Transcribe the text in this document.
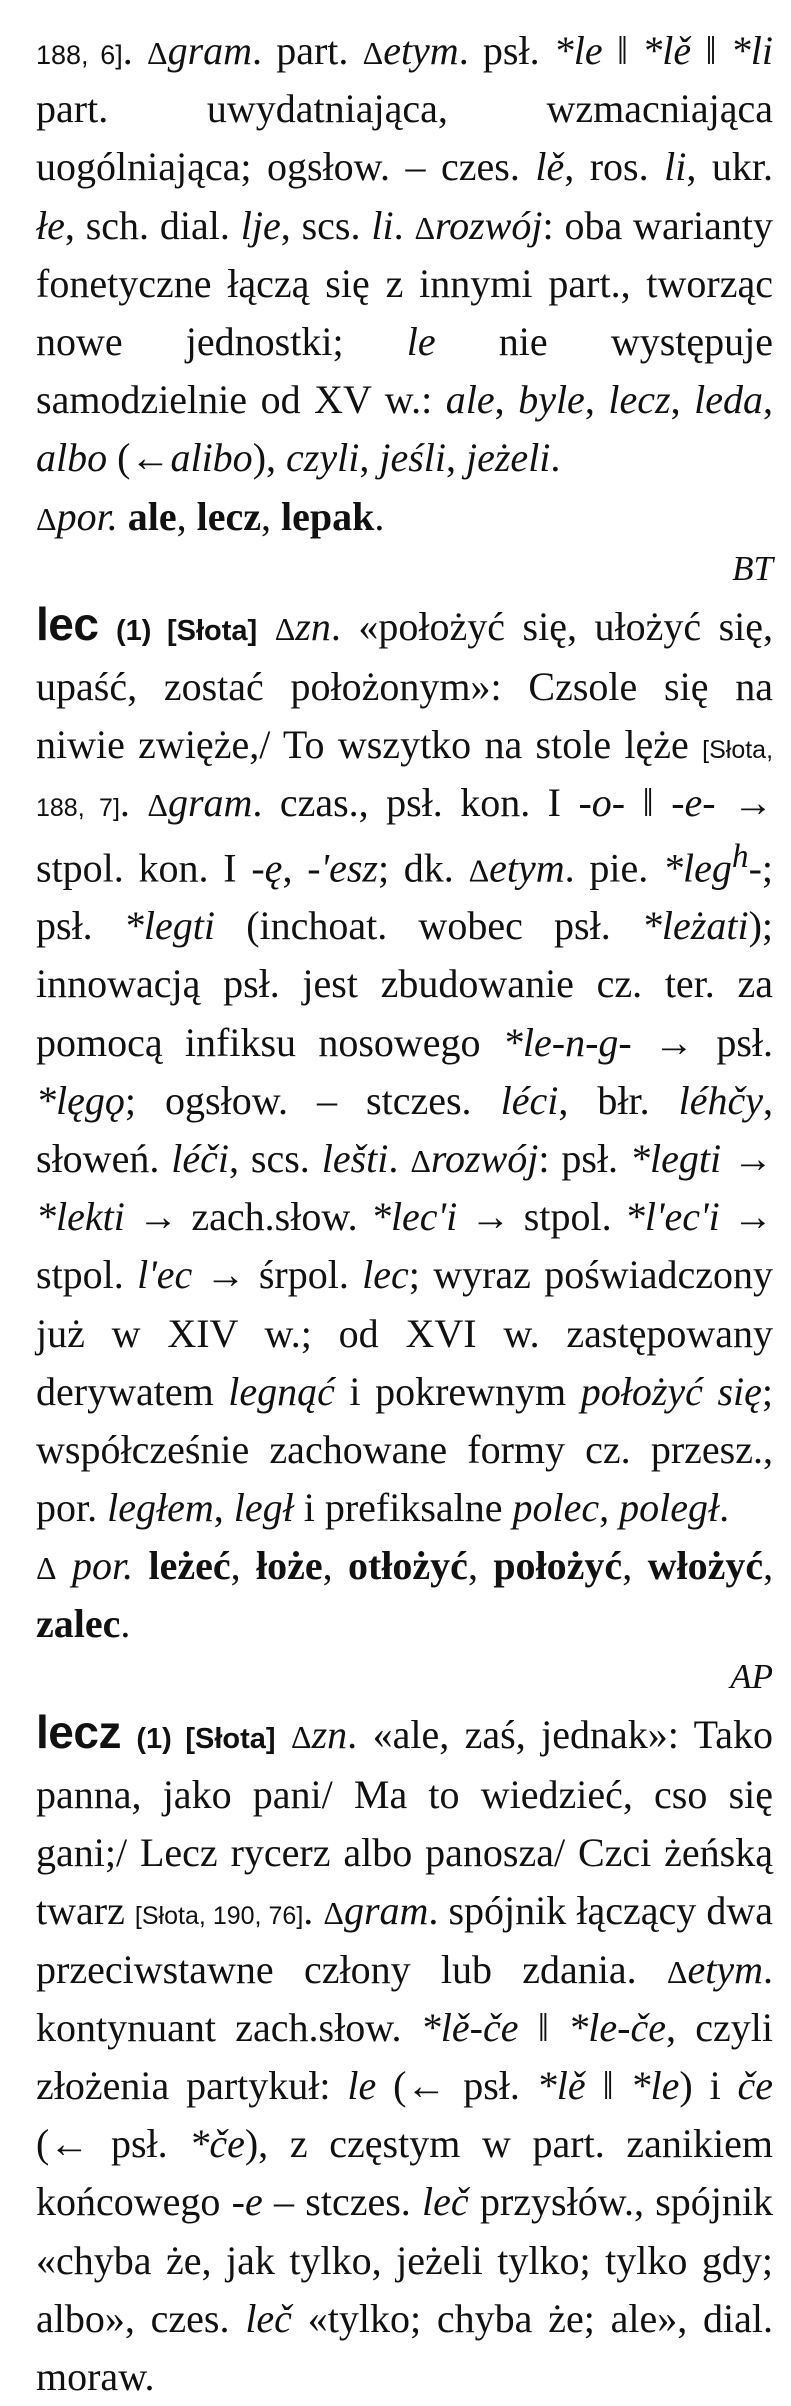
188, 6]. Δgram. part. Δetym. psł. *le ‖ *lě ‖ *li part. uwydatniająca, wzmacniająca uogólniająca; ogsłow. – czes. lě, ros. li, ukr. łe, sch. dial. lje, scs. li. Δrozwój: oba warianty fonetyczne łączą się z innymi part., tworząc nowe jednostki; le nie występuje samodzielnie od XV w.: ale, byle, lecz, leda, albo (←alibo), czyli, jeśli, jeżeli.

Δpor. ale, lecz, lepak.

BT

lec (1) [Słota] Δzn. «położyć się, ułożyć się, upaść, zostać położonym»: Czsole się na niwie zwięże,/ To wszytko na stole lęże [Słota, 188, 7]. Δgram. czas., psł. kon. I -o- ‖ -e- → stpol. kon. I -ę, -'esz; dk. Δetym. pie. *leg$^h$-; psł. *legti (inchoat. wobec psł. *leżati); innowacją psł. jest zbudowanie cz. ter. za pomocą infiksu nosowego *le-n-g- → psł. *lęgǫ; ogsłow. – stczes. léci, błr. léhčy, słoweń. léči, scs. lešti. Δrozwój: psł. *legti → *lekti → zach.słow. *lec'i → stpol. *l'ec'i → stpol. l'ec → śrpol. lec; wyraz poświadczony już w XIV w.; od XVI w. zastępowany derywatem legnąć i pokrewnym położyć się; współcześnie zachowane formy cz. przesz., por. ległem, legł i prefiksalne polec, poległ.

Δ por. leżeć, łoże, otłożyć, położyć, włożyć, zalec.

AP

lecz (1) [Słota] Δzn. «ale, zaś, jednak»: Tako panna, jako pani/ Ma to wiedzieć, cso się gani;/ Lecz rycerz albo panosza/ Czci żeńską twarz [Słota, 190, 76]. Δgram. spójnik łączący dwa przeciwstawne człony lub zdania. Δetym. kontynuant zach.słow. *lě-če ‖ *le-če, czyli złożenia partykuł: le (← psł. *lě ‖ *le) i če (← psł. *če), z częstym w part. zanikiem końcowego -e – stczes. leč przysłów., spójnik «chyba że, jak tylko, jeżeli tylko; tylko gdy; albo», czes. leč «tylko; chyba że; ale», dial. moraw.
